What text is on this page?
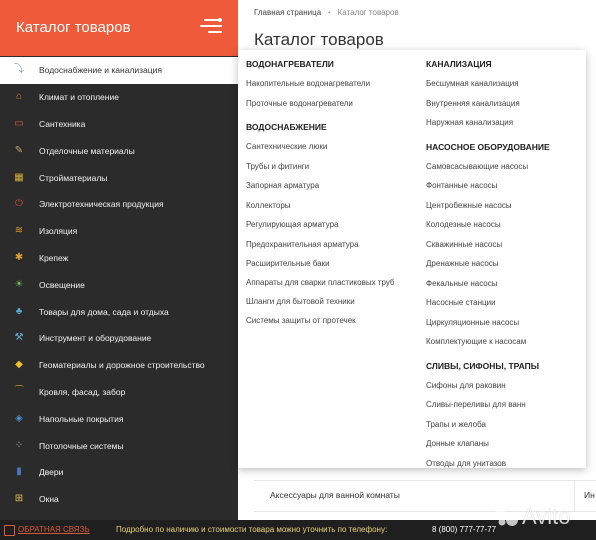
Каталог товаров
⤵ Водоснабжение и канализация
⌂	Климат и отопление
▭ Сантехника
✎	Отделочные материалы
▦ Стройматериалы
⏻	Электротехническая продукция
≋	Изоляция
✱	Крепеж
☀ Освещение
♣	Товары для дома, сада и отдыха
⚒ Инструмент и оборудование
◆	Геоматериалы и дорожное строительство
⌒ Кровля, фасад, забор
◈	Напольные покрытия
⁘	Потолочные системы
▮	Двери
⊞	Окна
Главная страница • Каталог товаров
Каталог товаров
Аксессуары для ванной комнаты	Ин
ВОДОНАГРЕВАТЕЛИ
Накопительные водонагреватели
Проточные водонагреватели
ВОДОСНАБЖЕНИЕ
Сантехнические люки
Трубы и фитинги
Запорная арматура
Коллекторы
Регулирующая арматура
Предохранительная арматура
Расширительные баки
Аппараты для сварки пластиковых труб
Шланги для бытовой техники
Системы защиты от протечек
КАНАЛИЗАЦИЯ
Бесшумная канализация
Внутренняя канализация
Наружная канализация
НАСОСНОЕ ОБОРУДОВАНИЕ
Самовсасывающие насосы
Фонтанные насосы
Центробежные насосы
Колодезные насосы
Скважинные насосы
Дренажные насосы
Фекальные насосы
Насосные станции
Циркуляционные насосы
Комплектующие к насосам
СЛИВЫ, СИФОНЫ, ТРАПЫ
Сифоны для раковин
Сливы-переливы для ванн
Трапы и желоба
Донные клапаны
Отводы для унитазов
ОБРАТНАЯ СВЯЗЬ	Подробно по наличию и стоимости товара можно уточнить по телефону:	8 (800) 777-77-77
Avito
